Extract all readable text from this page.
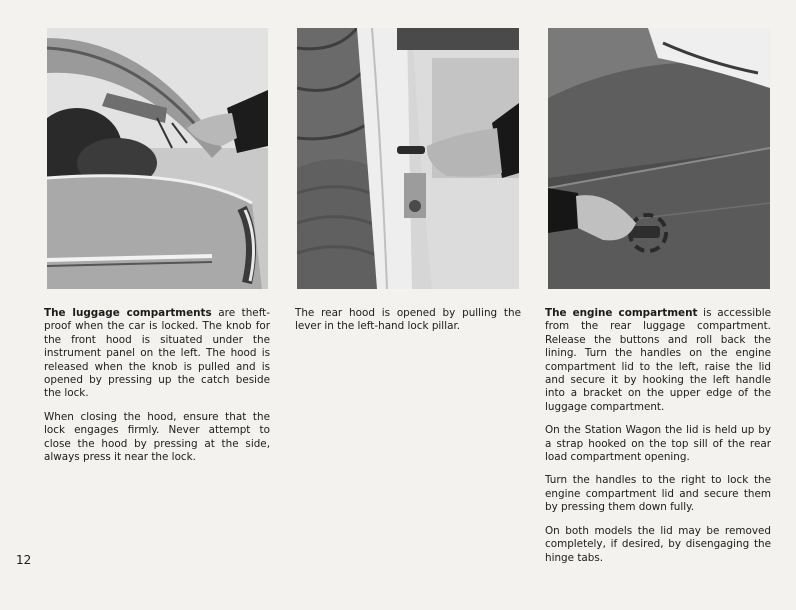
The luggage compartments are theft-proof when the car is locked. The knob for the front hood is situated under the instrument panel on the left. The hood is released when the knob is pulled and is opened by pressing up the catch beside the lock.

When closing the hood, ensure that the lock engages firmly. Never attempt to close the hood by pressing at the side, always press it near the lock.

The rear hood is opened by pulling the lever in the left-hand lock pillar.

The engine compartment is accessible from the rear luggage compartment. Release the buttons and roll back the lining. Turn the handles on the engine compartment lid to the left, raise the lid and secure it by hooking the left handle into a bracket on the upper edge of the luggage compartment.

On the Station Wagon the lid is held up by a strap hooked on the top sill of the rear load compartment opening.

Turn the handles to the right to lock the engine compartment lid and secure them by pressing them down fully.

On both models the lid may be removed completely, if desired, by disengaging the hinge tabs.

12
